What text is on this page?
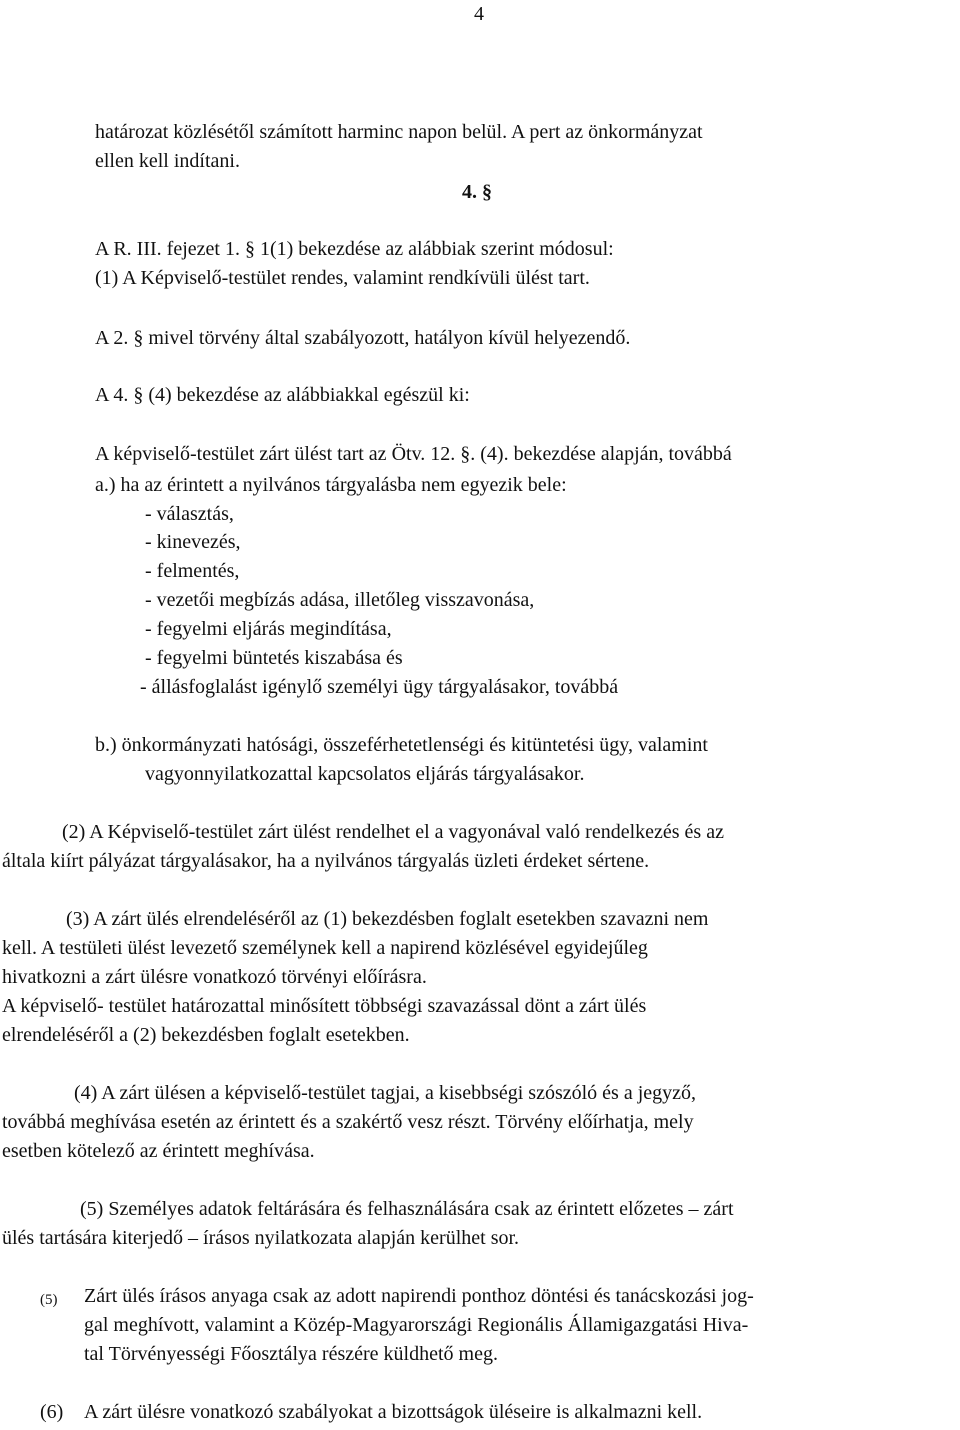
4
határozat közlésétől számított harminc napon belül. A pert az önkormányzat
ellen kell indítani.
4. §
A R. III. fejezet 1. § 1(1) bekezdése az alábbiak szerint módosul:
(1) A Képviselő-testület rendes, valamint rendkívüli ülést tart.
A 2. § mivel törvény által szabályozott, hatályon kívül helyezendő.
A 4. § (4) bekezdése az alábbiakkal egészül ki:
A képviselő-testület zárt ülést tart az Ötv. 12. §. (4). bekezdése alapján, továbbá
a.) ha az érintett a nyilvános tárgyalásba nem egyezik bele:
- választás,
- kinevezés,
- felmentés,
- vezetői megbízás adása, illetőleg visszavonása,
- fegyelmi eljárás megindítása,
- fegyelmi büntetés kiszabása és
- állásfoglalást igénylő személyi ügy tárgyalásakor, továbbá
b.) önkormányzati hatósági, összeférhetetlenségi és kitüntetési ügy, valamint
vagyonnyilatkozattal kapcsolatos eljárás tárgyalásakor.
(2) A Képviselő-testület zárt ülést rendelhet el a vagyonával való rendelkezés és az
általa kiírt pályázat tárgyalásakor, ha a nyilvános tárgyalás üzleti érdeket sértene.
(3) A zárt ülés elrendeléséről az (1) bekezdésben foglalt esetekben szavazni nem
kell. A testületi ülést levezető személynek kell a napirend közlésével egyidejűleg
hivatkozni a zárt ülésre vonatkozó törvényi előírásra.
A képviselő- testület határozattal minősített többségi szavazással dönt a zárt ülés
elrendeléséről a (2) bekezdésben foglalt esetekben.
(4) A zárt ülésen a képviselő-testület tagjai, a kisebbségi szószóló és a jegyző,
továbbá meghívása esetén az érintett és a szakértő vesz részt. Törvény előírhatja, mely
esetben kötelező az érintett meghívása.
(5) Személyes adatok feltárására és felhasználására csak az érintett előzetes – zárt
ülés tartására kiterjedő – írásos nyilatkozata alapján kerülhet sor.
(5) Zárt ülés írásos anyaga csak az adott napirendi ponthoz döntési és tanácskozási jog-
gal meghívott, valamint a Közép-Magyarországi Regionális Államigazgatási Hiva-
tal Törvényességi Főosztálya részére küldhető meg.
(6) A zárt ülésre vonatkozó szabályokat a bizottságok üléseire is alkalmazni kell.
